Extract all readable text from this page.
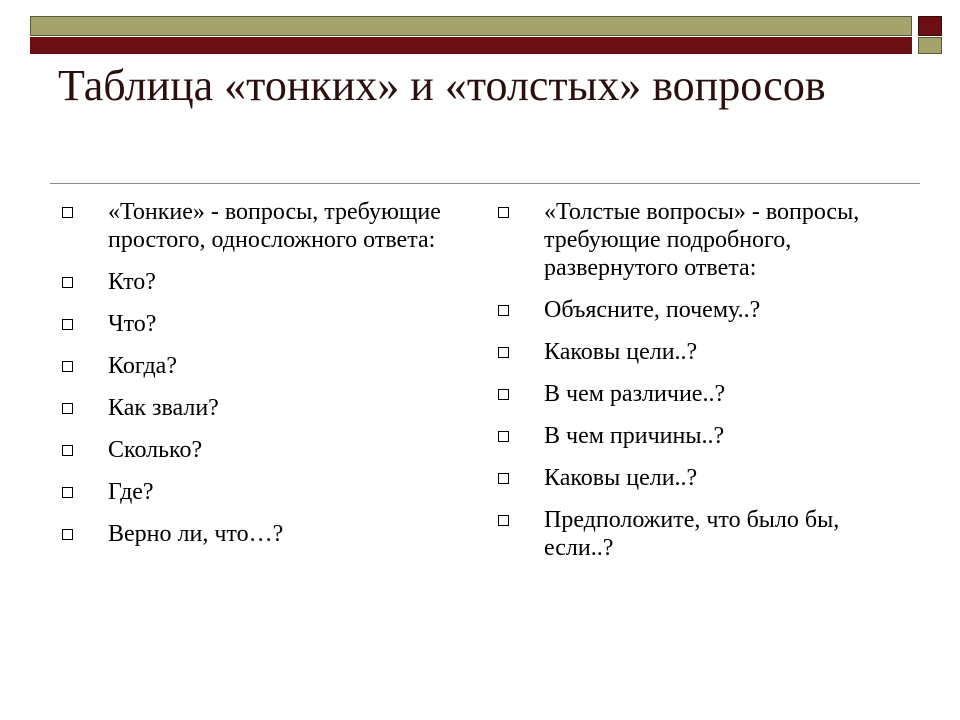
Таблица «тонких» и «толстых» вопросов
«Тонкие» - вопросы, требующие простого, односложного ответа:
Кто?
Что?
Когда?
Как звали?
Сколько?
Где?
Верно ли, что…?
«Толстые вопросы» - вопросы, требующие подробного, развернутого ответа:
Объясните, почему..?
Каковы цели..?
В чем различие..?
В чем причины..?
Каковы цели..?
Предположите, что было бы, если..?
